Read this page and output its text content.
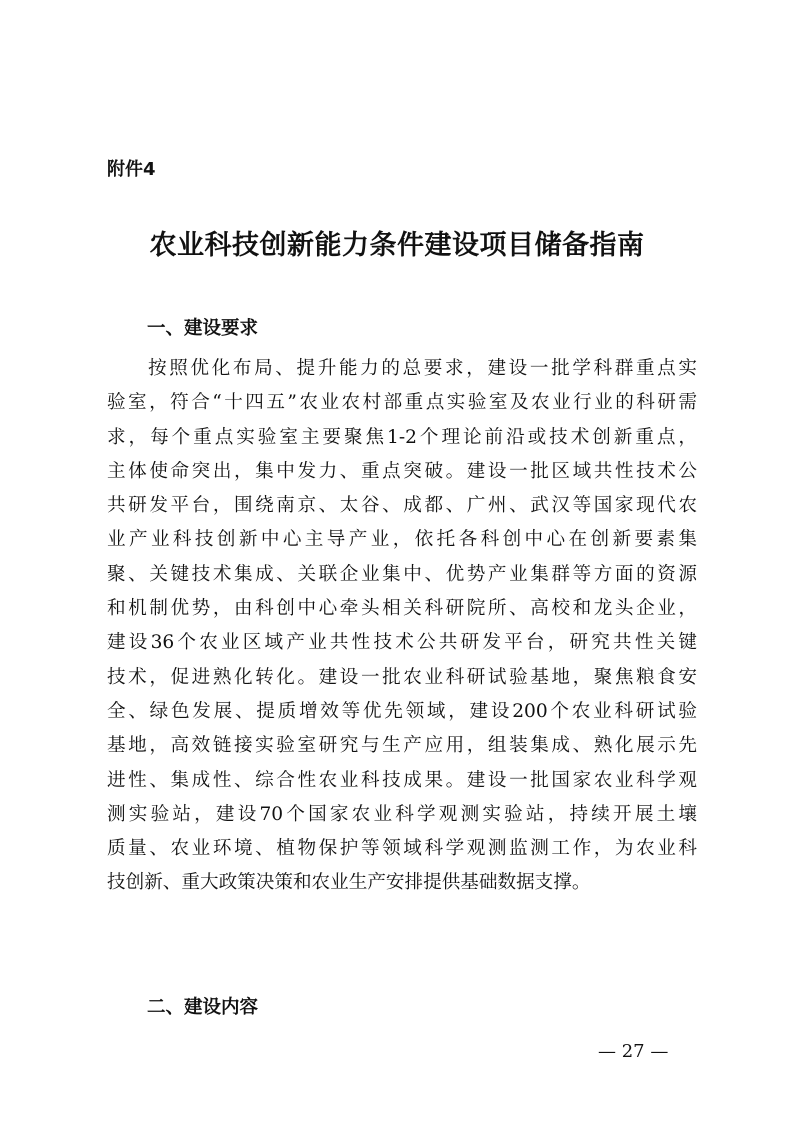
附件4

农业科技创新能力条件建设项目储备指南
一、建设要求
按照优化布局、提升能力的总要求，建设一批学科群重点实
验室，符合“十四五”农业农村部重点实验室及农业行业的科研需
求，每个重点实验室主要聚焦1-2个理论前沿或技术创新重点，
主体使命突出，集中发力、重点突破。建设一批区域共性技术公
共研发平台，围绕南京、太谷、成都、广州、武汉等国家现代农
业产业科技创新中心主导产业，依托各科创中心在创新要素集
聚、关键技术集成、关联企业集中、优势产业集群等方面的资源
和机制优势，由科创中心牵头相关科研院所、高校和龙头企业，
建设36个农业区域产业共性技术公共研发平台，研究共性关键
技术，促进熟化转化。建设一批农业科研试验基地，聚焦粮食安
全、绿色发展、提质增效等优先领域，建设200个农业科研试验
基地，高效链接实验室研究与生产应用，组装集成、熟化展示先
进性、集成性、综合性农业科技成果。建设一批国家农业科学观
测实验站，建设70个国家农业科学观测实验站，持续开展土壤
质量、农业环境、植物保护等领域科学观测监测工作，为农业科
技创新、重大政策决策和农业生产安排提供基础数据支撑。
二、建设内容

— 27 —
